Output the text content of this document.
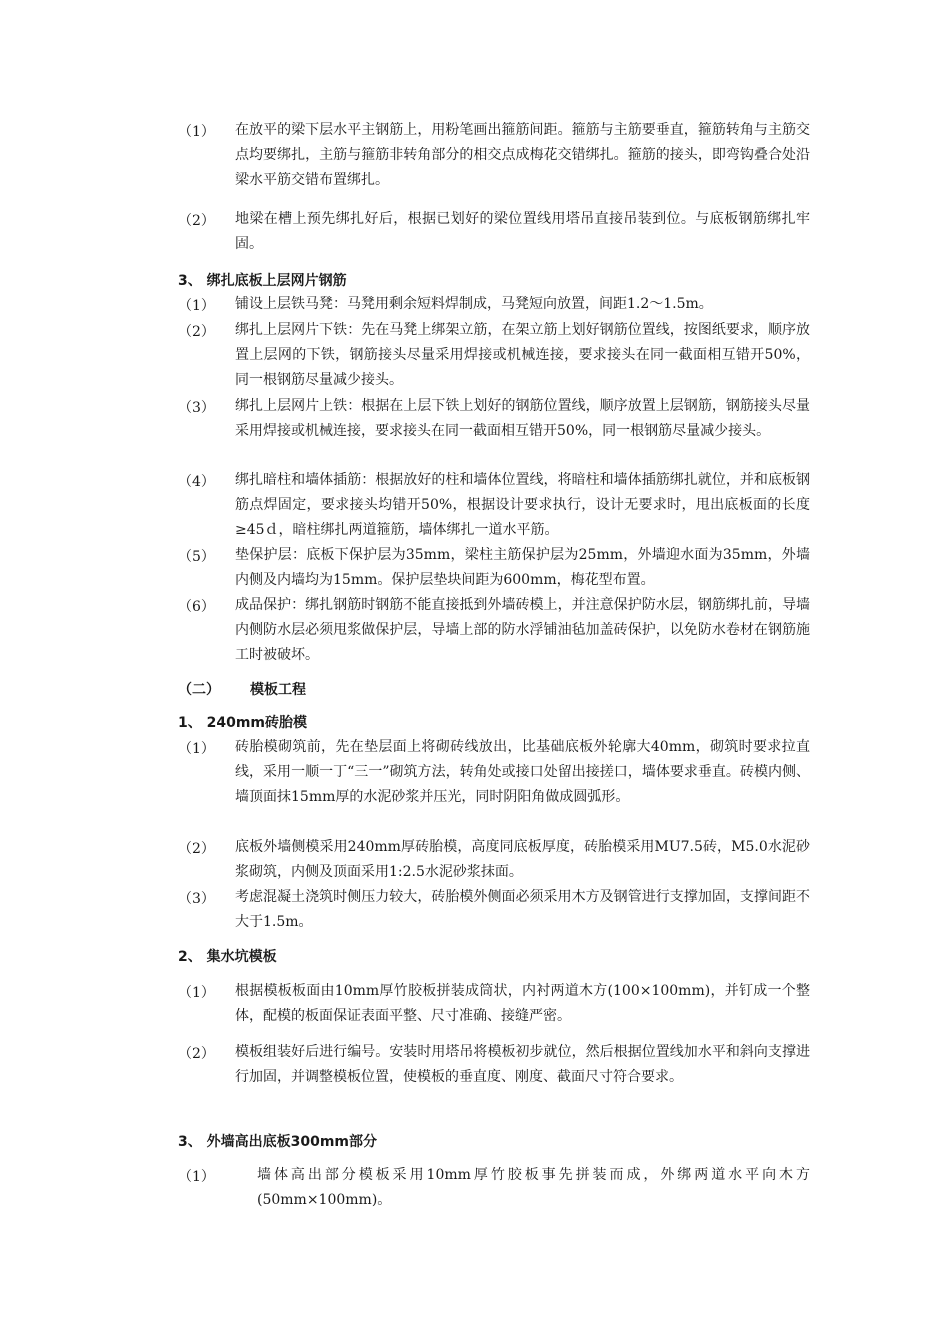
（1） 在放平的梁下层水平主钢筋上，用粉笔画出箍筋间距。箍筋与主筋要垂直，箍筋转角与主筋交点均要绑扎，主筋与箍筋非转角部分的相交点成梅花交错绑扎。箍筋的接头，即弯钩叠合处沿梁水平筋交错布置绑扎。
（2） 地梁在槽上预先绑扎好后，根据已划好的梁位置线用塔吊直接吊装到位。与底板钢筋绑扎牢固。
3、 绑扎底板上层网片钢筋
（1） 铺设上层铁马凳：马凳用剩余短料焊制成，马凳短向放置，间距1.2～1.5m。
（2） 绑扎上层网片下铁：先在马凳上绑架立筋，在架立筋上划好钢筋位置线，按图纸要求，顺序放置上层网的下铁，钢筋接头尽量采用焊接或机械连接，要求接头在同一截面相互错开50%，同一根钢筋尽量减少接头。
（3） 绑扎上层网片上铁：根据在上层下铁上划好的钢筋位置线，顺序放置上层钢筋，钢筋接头尽量采用焊接或机械连接，要求接头在同一截面相互错开50%，同一根钢筋尽量减少接头。
（4） 绑扎暗柱和墙体插筋：根据放好的柱和墙体位置线，将暗柱和墙体插筋绑扎就位，并和底板钢筋点焊固定，要求接头均错开50%，根据设计要求执行，设计无要求时，甩出底板面的长度≥45ｄ，暗柱绑扎两道箍筋，墙体绑扎一道水平筋。
（5） 垫保护层：底板下保护层为35mm，梁柱主筋保护层为25mm，外墙迎水面为35mm，外墙内侧及内墙均为15mm。保护层垫块间距为600mm，梅花型布置。
（6） 成品保护：绑扎钢筋时钢筋不能直接抵到外墙砖模上，并注意保护防水层，钢筋绑扎前，导墙内侧防水层必须甩浆做保护层，导墙上部的防水浮铺油毡加盖砖保护，以免防水卷材在钢筋施工时被破坏。
（二） 模板工程
1、 240mm砖胎模
（1） 砖胎模砌筑前，先在垫层面上将砌砖线放出，比基础底板外轮廓大40mm，砌筑时要求拉直线，采用一顺一丁“三一”砌筑方法，转角处或接口处留出接搓口，墙体要求垂直。砖模内侧、墙顶面抹15mm厚的水泥砂浆并压光，同时阴阳角做成圆弧形。
（2） 底板外墙侧模采用240mm厚砖胎模，高度同底板厚度，砖胎模采用MU7.5砖，M5.0水泥砂浆砌筑，内侧及顶面采用1:2.5水泥砂浆抹面。
（3） 考虑混凝土浇筑时侧压力较大，砖胎模外侧面必须采用木方及钢管进行支撑加固，支撑间距不大于1.5m。
2、 集水坑模板
（1） 根据模板板面由10mm厚竹胶板拼装成筒状，内衬两道木方(100×100mm)，并钉成一个整体，配模的板面保证表面平整、尺寸准确、接缝严密。
（2） 模板组装好后进行编号。安装时用塔吊将模板初步就位，然后根据位置线加水平和斜向支撑进行加固，并调整模板位置，使模板的垂直度、刚度、截面尺寸符合要求。
3、 外墙高出底板300mm部分
（1）	墙体高出部分模板采用10mm厚竹胶板事先拼装而成，外绑两道水平向木方(50mm×100mm)。
